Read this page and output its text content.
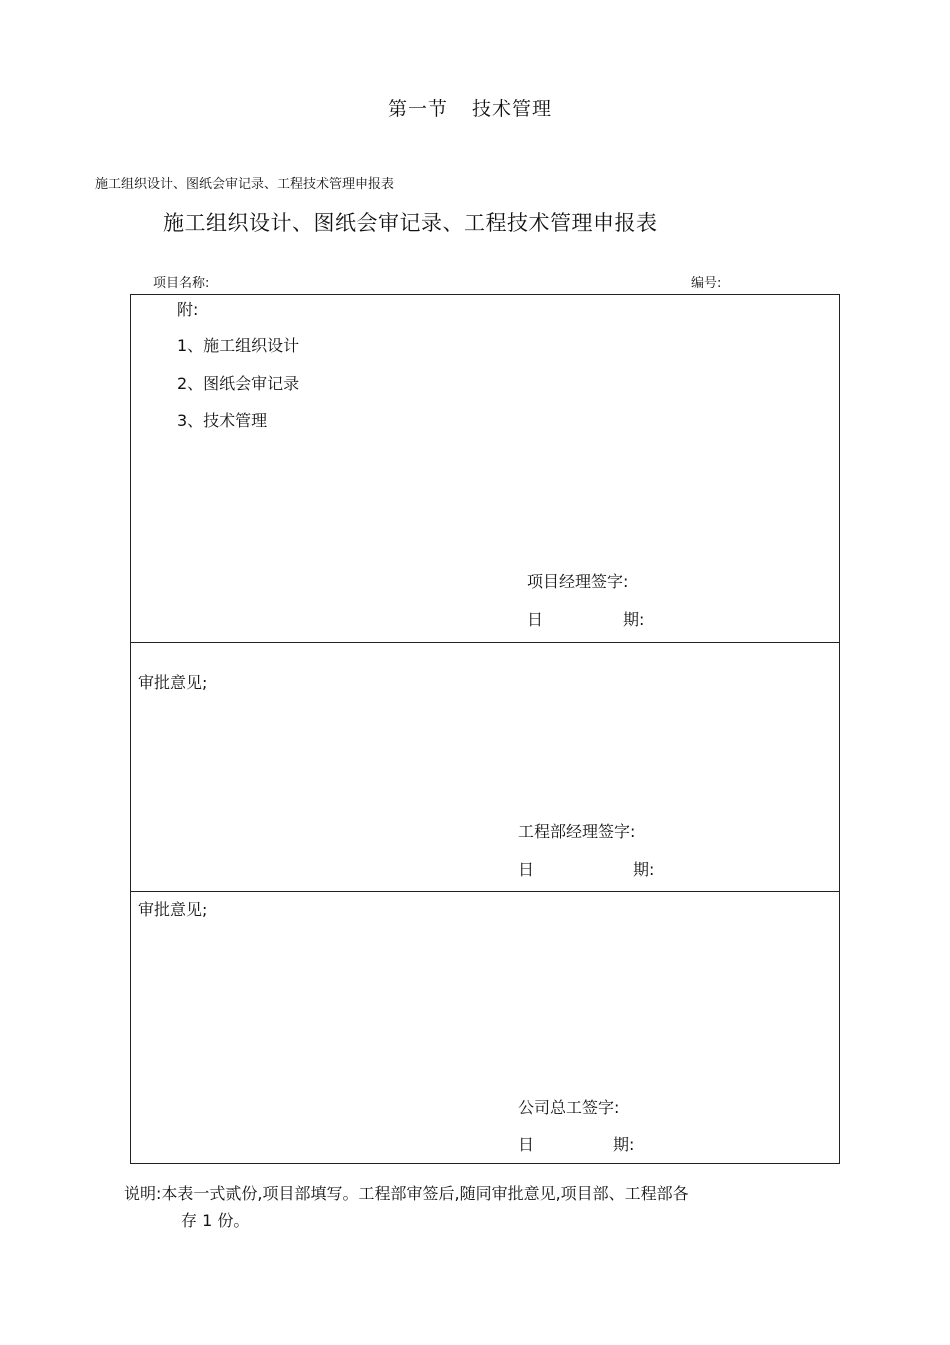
第一节 技术管理
施工组织设计、图纸会审记录、工程技术管理申报表
施工组织设计、图纸会审记录、工程技术管理申报表
项目名称:	编号:
附:
1、施工组织设计
2、图纸会审记录
3、技术管理
项目经理签字:
日	期:
审批意见;
工程部经理签字:
日	期:
审批意见;
公司总工签字:
日	期:
说明:本表一式贰份,项目部填写。工程部审签后,随同审批意见,项目部、工程部各
存 1 份。
